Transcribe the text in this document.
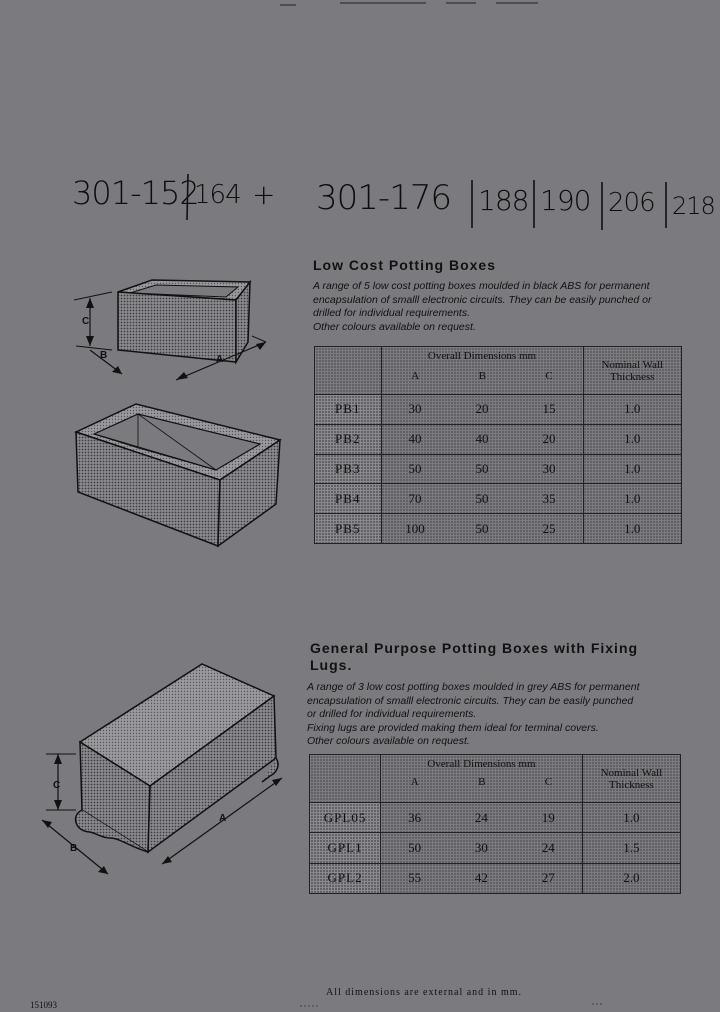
301-152
164 + 301-176 188 190 206 218
C
B	A
Low Cost Potting Boxes
A range of 5 low cost potting boxes moulded in black ABS for permanent
encapsulation of smalll electronic circuits. They can be easily punched or
drilled for individual requirements.
Other colours available on request.

	Overall Dimensions mm
A B C	Nominal Wall Thickness
PB1	30 20 15	1.0
PB2	40 40 20	1.0
PB3	50 50 30	1.0
PB4	70 50 35	1.0
PB5	100 50 25	1.0
General Purpose Potting Boxes with Fixing
Lugs.
A range of 3 low cost potting boxes moulded in grey ABS for permanent
encapsulation of smalll electronic circuits. They can be easily punched
or drilled for individual requirements.
Fixing lugs are provided making them ideal for terminal covers.
Other colours available on request.
C
B
A

	Overall Dimensions mm
A B C	Nominal Wall Thickness
GPL05	36 24 19	1.0
GPL1	50 30 24	1.5
GPL2	55 42 27	2.0
All dimensions are external and in mm.
151093
